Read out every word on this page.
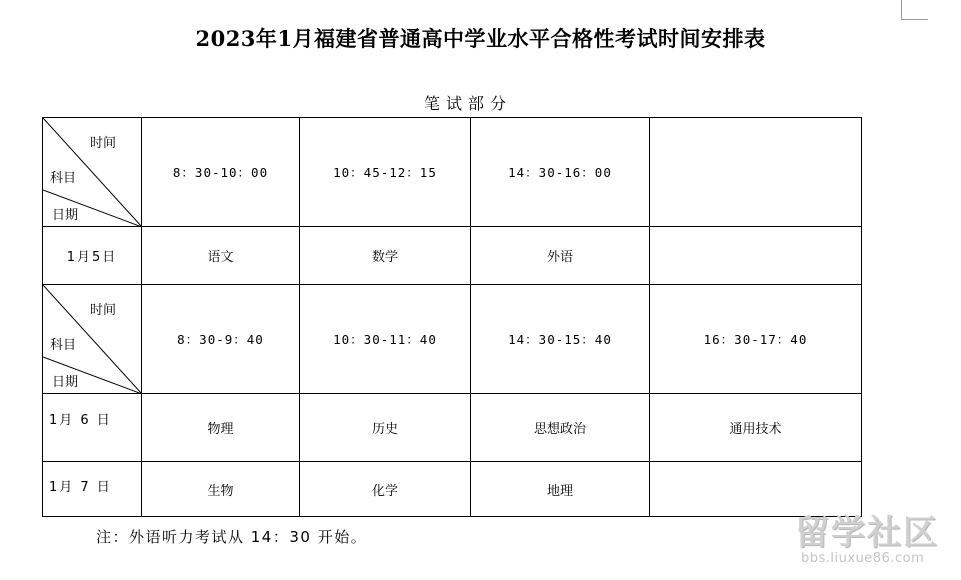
2023年1月福建省普通高中学业水平合格性考试时间安排表
笔试部分
时间
科目
日期	8：30-10：00	10：45-12：15	14：30-16：00	
1月5日	语文	数学	外语	

时间
科目
日期	8：30-9：40	10：30-11：40	14：30-15：40	16：30-17：40
1月 6 日	物理	历史	思想政治	通用技术
1月 7 日	生物	化学	地理	
注：外语听力考试从 14：30 开始。	留学社区
bbs.liuxue86.com
